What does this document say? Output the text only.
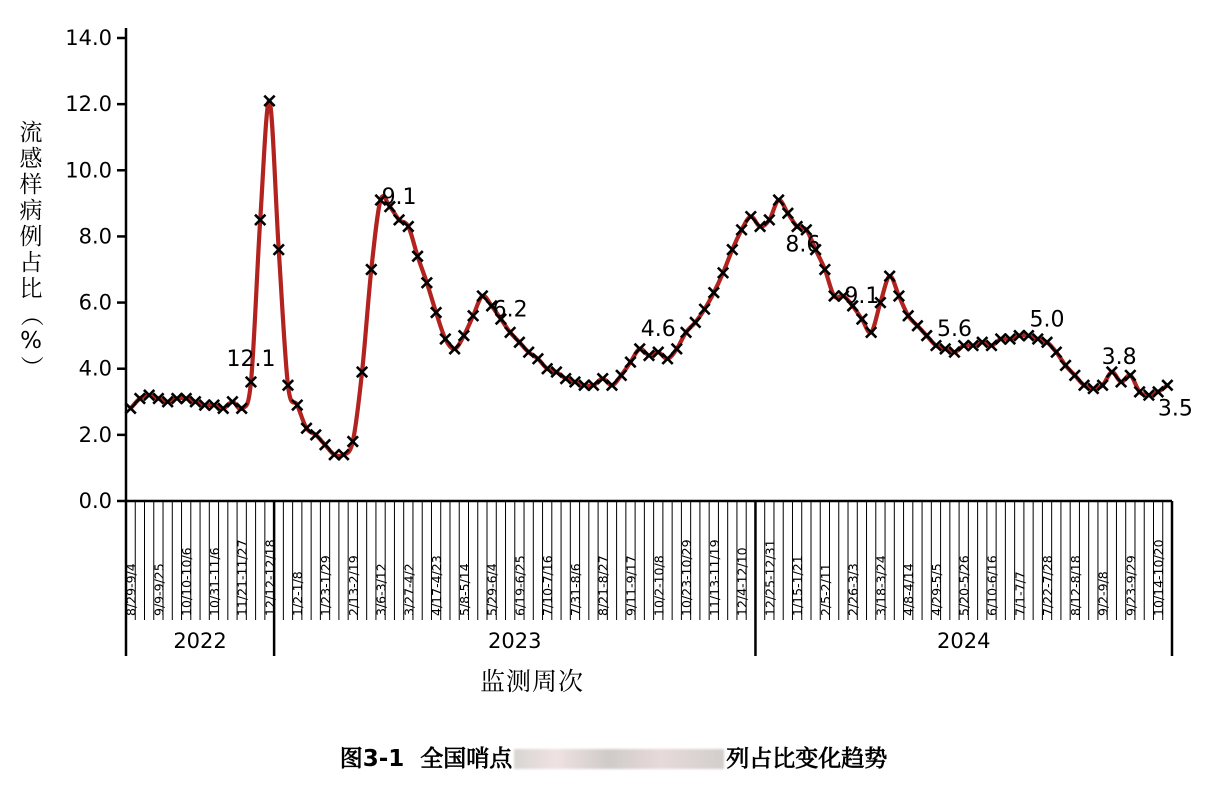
流
感
样
病
例
占
比
（
%
）
0.0
2.0
4.0
6.0
8.0
10.0
12.0
14.0
2022	2023	2024
8/29-9/4 9/9-9/25 10/10-10/6 10/31-11/6 11/21-11/27 12/12-12/18 1/2-1/8 1/23-1/29 2/13-2/19 3/6-3/12 3/27-4/2 4/17-4/23 5/8-5/14 5/29-6/4 6/19-6/25 7/10-7/16 7/31-8/6 8/21-8/27 9/11-9/17 10/2-10/8 10/23-10/29 11/13-11/19 12/4-12/10 12/25-12/31 1/15-1/21 2/5-2/11 2/26-3/3 3/18-3/24 4/8-4/14 4/29-5/5 5/20-5/26 6/10-6/16 7/1-7/7 7/22-7/28 8/12-8/18 9/2-9/8 9/23-9/29 10/14-10/20
12.1
9.1
6.2
4.6
9.1
8.6
5.6	5.0
3.8
3.5
监测周次
图3-1  全国哨点	列占比变化趋势
